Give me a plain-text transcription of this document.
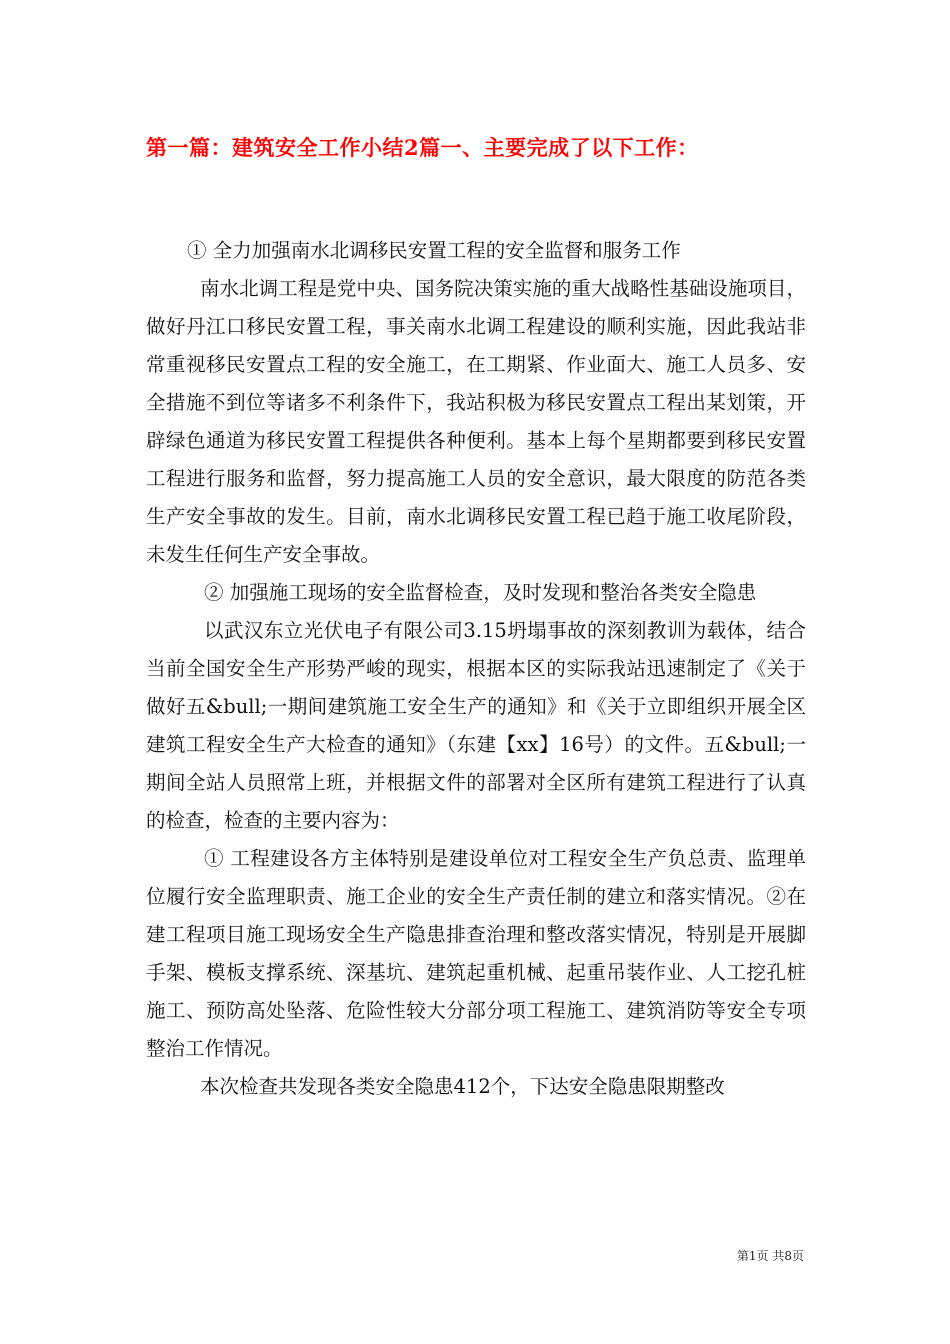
第一篇：建筑安全工作小结2篇一、主要完成了以下工作：

① 全力加强南水北调移民安置工程的安全监督和服务工作

南水北调工程是党中央、国务院决策实施的重大战略性基础设施项目，做好丹江口移民安置工程，事关南水北调工程建设的顺利实施，因此我站非常重视移民安置点工程的安全施工，在工期紧、作业面大、施工人员多、安全措施不到位等诸多不利条件下，我站积极为移民安置点工程出某划策，开辟绿色通道为移民安置工程提供各种便利。基本上每个星期都要到移民安置工程进行服务和监督，努力提高施工人员的安全意识，最大限度的防范各类生产安全事故的发生。目前，南水北调移民安置工程已趋于施工收尾阶段，未发生任何生产安全事故。

② 加强施工现场的安全监督检查，及时发现和整治各类安全隐患

以武汉东立光伏电子有限公司3.15坍塌事故的深刻教训为载体，结合当前全国安全生产形势严峻的现实，根据本区的实际我站迅速制定了《关于做好五&bull;一期间建筑施工安全生产的通知》和《关于立即组织开展全区建筑工程安全生产大检查的通知》（东建【xx】16号）的文件。五&bull;一期间全站人员照常上班，并根据文件的部署对全区所有建筑工程进行了认真的检查，检查的主要内容为：

① 工程建设各方主体特别是建设单位对工程安全生产负总责、监理单位履行安全监理职责、施工企业的安全生产责任制的建立和落实情况。②在建工程项目施工现场安全生产隐患排查治理和整改落实情况，特别是开展脚手架、模板支撑系统、深基坑、建筑起重机械、起重吊装作业、人工挖孔桩施工、预防高处坠落、危险性较大分部分项工程施工、建筑消防等安全专项整治工作情况。

本次检查共发现各类安全隐患412个，下达安全隐患限期整改

第1页 共8页
